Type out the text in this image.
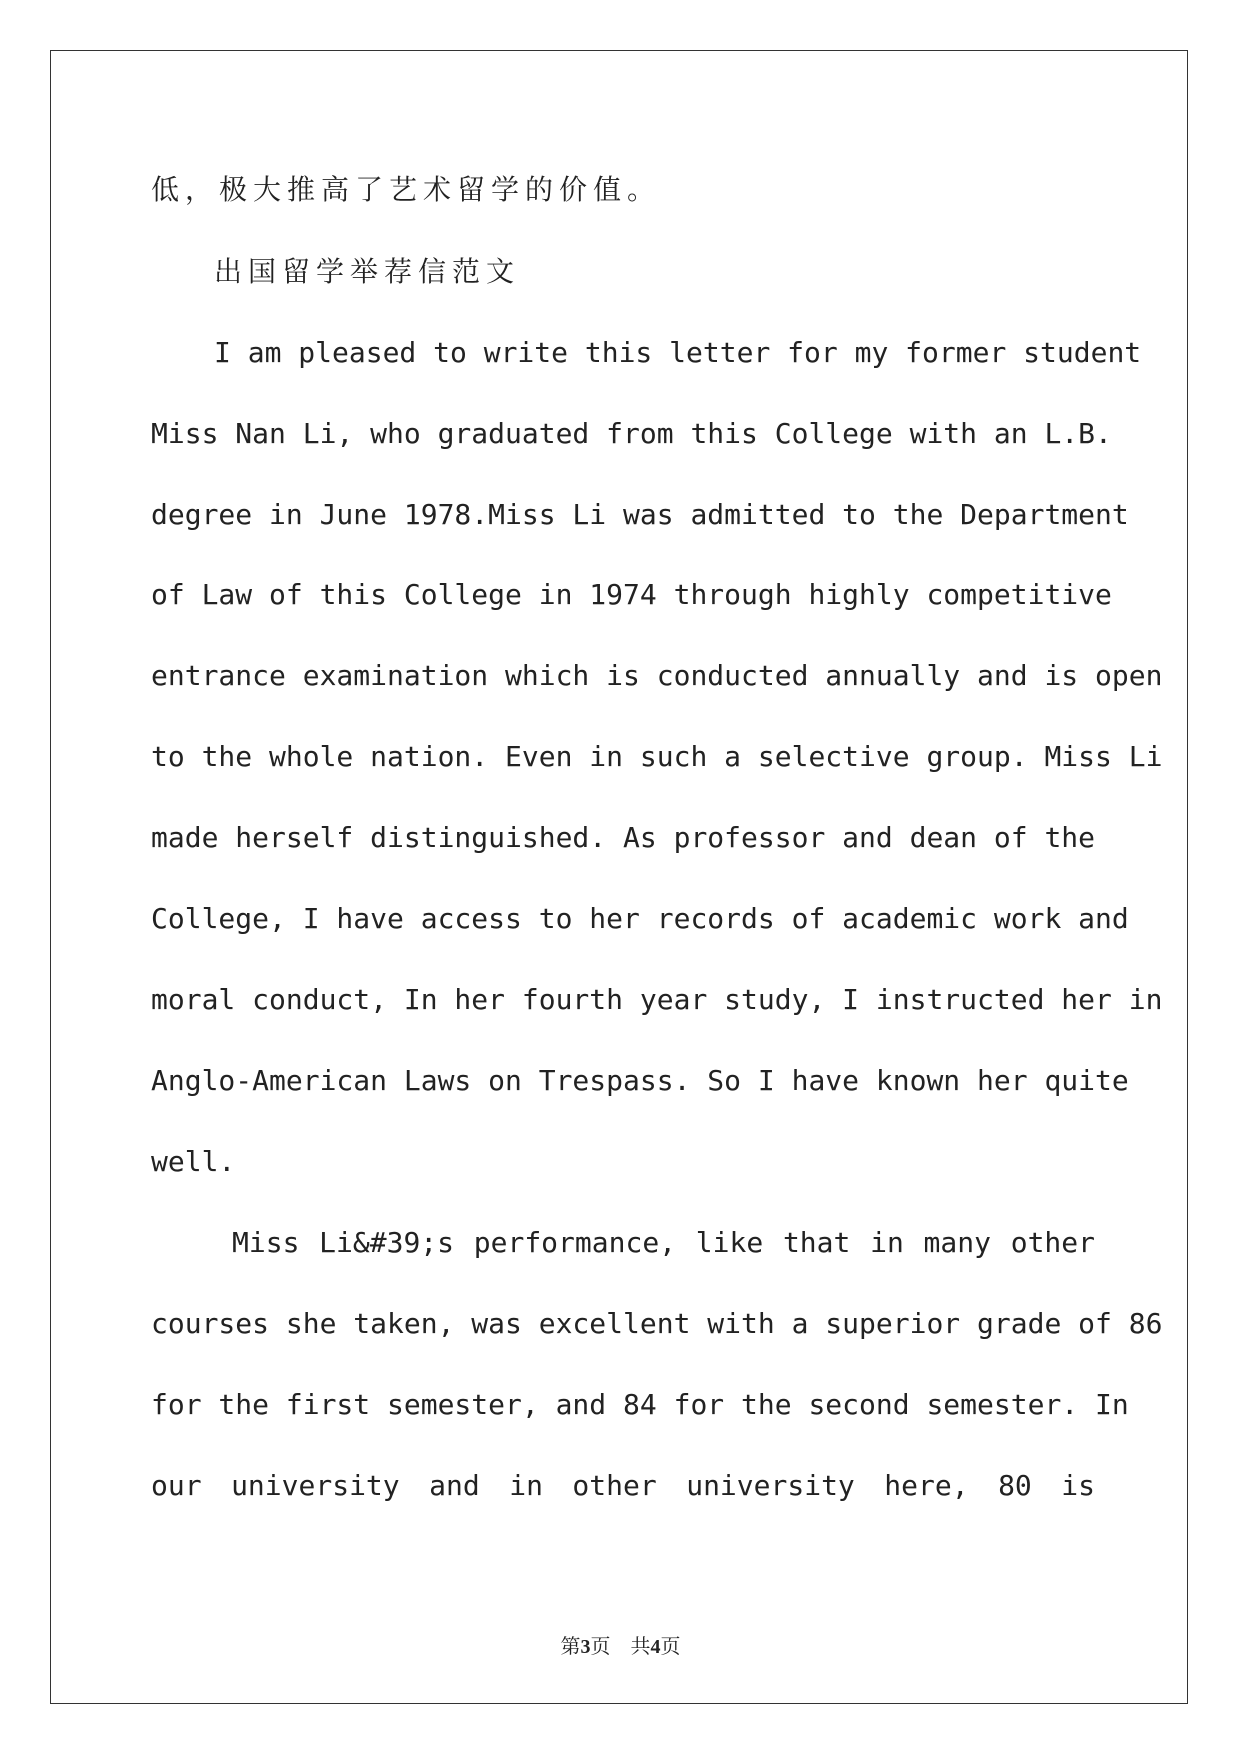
低，极大推高了艺术留学的价值。
出国留学举荐信范文
I am pleased to write this letter for my former student
Miss Nan Li, who graduated from this College with an L.B.
degree in June 1978.Miss Li was admitted to the Department
of Law of this College in 1974 through highly competitive
entrance examination which is conducted annually and is open
to the whole nation. Even in such a selective group. Miss Li
made herself distinguished. As professor and dean of the
College, I have access to her records of academic work and
moral conduct, In her fourth year study, I instructed her in
Anglo-American Laws on Trespass. So I have known her quite
well.
Miss Li&#39;s performance, like that in many other
courses she taken, was excellent with a superior grade of 86
for the first semester, and 84 for the second semester. In
our university and in other university here, 80 is
第3页    共4页
